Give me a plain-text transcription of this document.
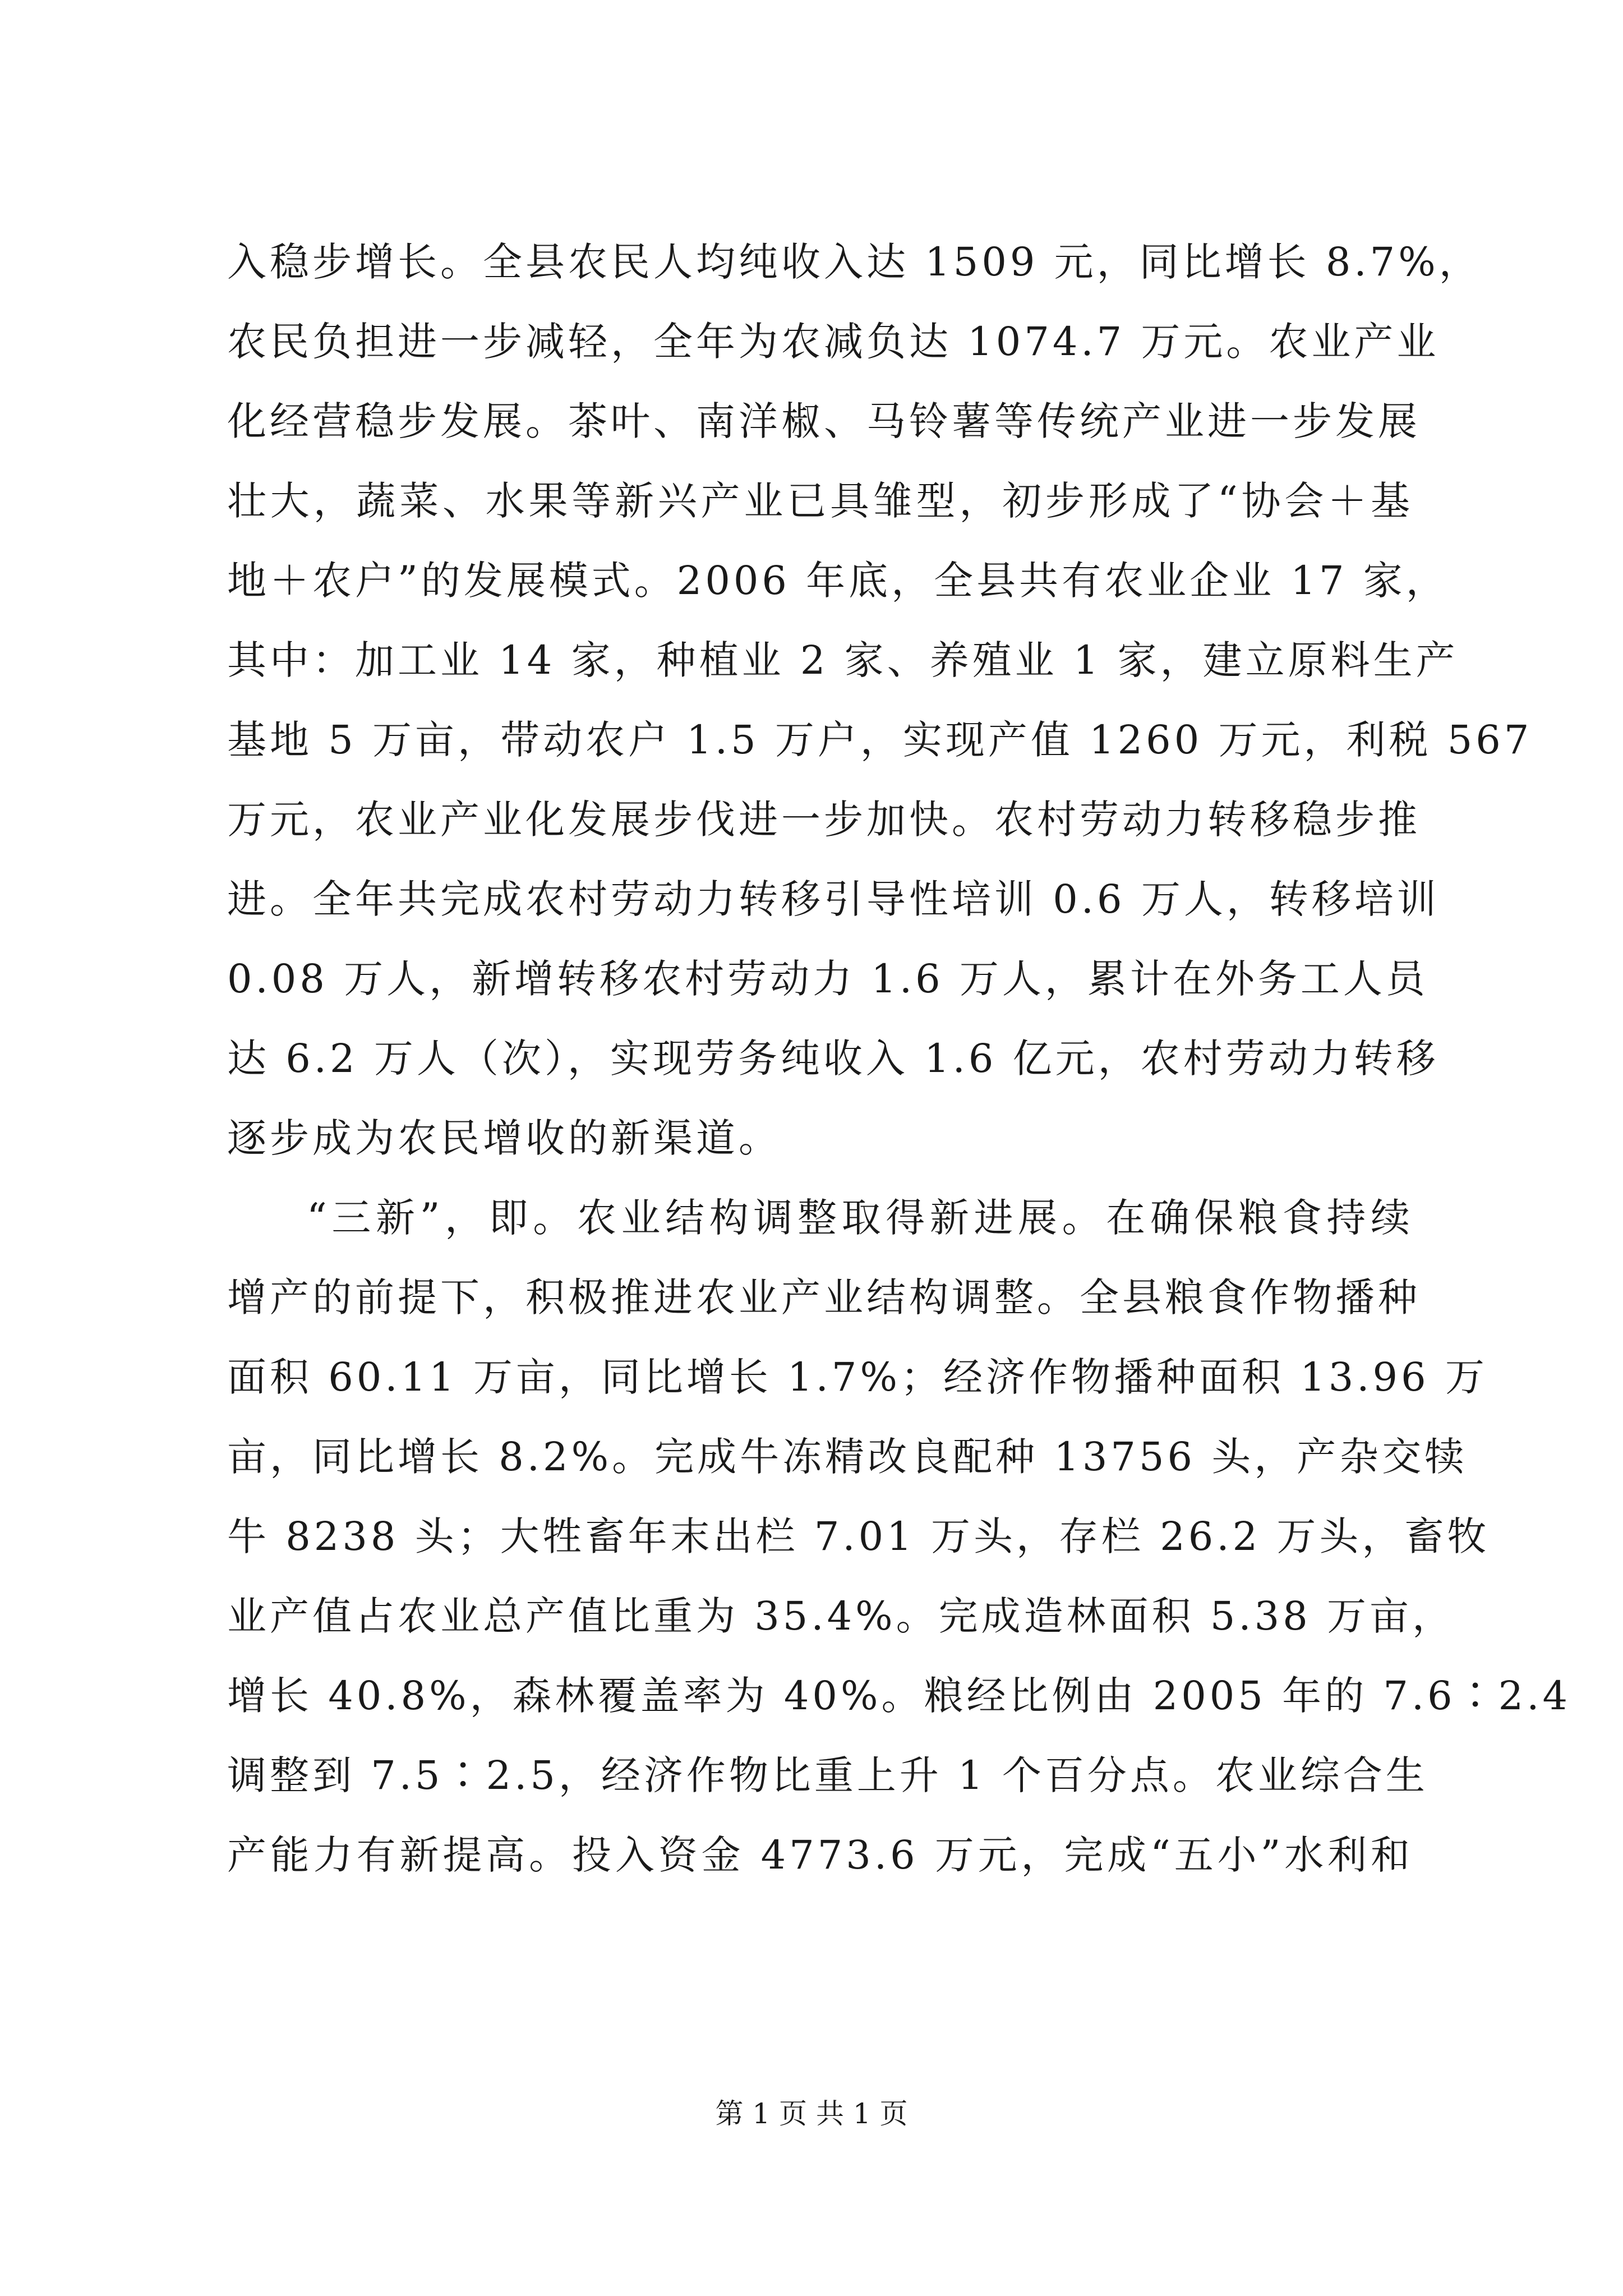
入稳步增长。全县农民人均纯收入达 1509 元，同比增长 8.7%，
农民负担进一步减轻，全年为农减负达 1074.7 万元。农业产业
化经营稳步发展。茶叶、南洋椒、马铃薯等传统产业进一步发展
壮大，蔬菜、水果等新兴产业已具雏型，初步形成了“协会＋基
地＋农户”的发展模式。2006 年底，全县共有农业企业 17 家，
其中：加工业 14 家，种植业 2 家、养殖业 1 家，建立原料生产
基地 5 万亩，带动农户 1.5 万户，实现产值 1260 万元，利税 567
万元，农业产业化发展步伐进一步加快。农村劳动力转移稳步推
进。全年共完成农村劳动力转移引导性培训 0.6 万人，转移培训
0.08 万人，新增转移农村劳动力 1.6 万人，累计在外务工人员
达 6.2 万人（次），实现劳务纯收入 1.6 亿元，农村劳动力转移
逐步成为农民增收的新渠道。
“三新”，即。农业结构调整取得新进展。在确保粮食持续
增产的前提下，积极推进农业产业结构调整。全县粮食作物播种
面积 60.11 万亩，同比增长 1.7%；经济作物播种面积 13.96 万
亩，同比增长 8.2%。完成牛冻精改良配种 13756 头，产杂交犊
牛 8238 头；大牲畜年末出栏 7.01 万头，存栏 26.2 万头，畜牧
业产值占农业总产值比重为 35.4%。完成造林面积 5.38 万亩，
增长 40.8%，森林覆盖率为 40%。粮经比例由 2005 年的 7.6∶2.4
调整到 7.5∶2.5，经济作物比重上升 1 个百分点。农业综合生
产能力有新提高。投入资金 4773.6 万元，完成“五小”水利和
第 1 页 共 1 页
